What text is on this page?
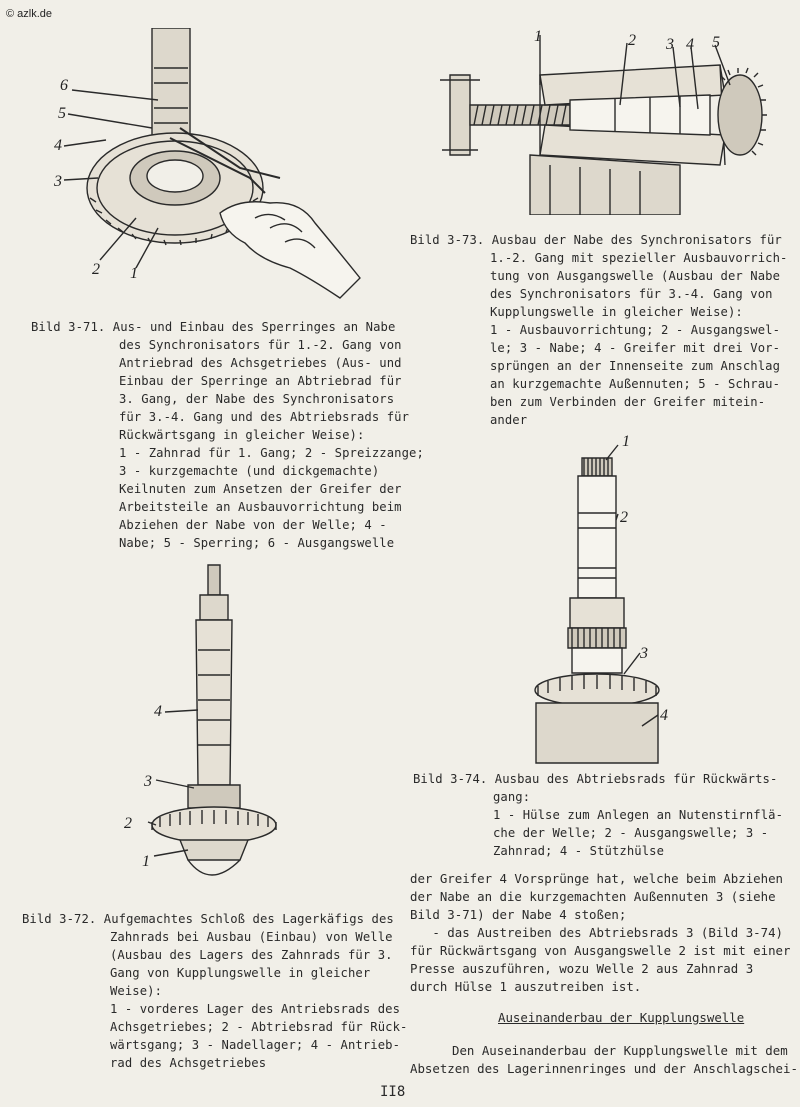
© azlk.de
6
5
4
3
2 1
Bild 3-71. Aus- und Einbau des Sperringes an Nabe
des Synchronisators für 1.-2. Gang von
Antriebrad des Achsgetriebes (Aus- und
Einbau der Sperringe an Abtriebrad für
3. Gang, der Nabe des Synchronisators
für 3.-4. Gang und des Abtriebsrads für
Rückwärtsgang in gleicher Weise):
1 - Zahnrad für 1. Gang; 2 - Spreizzange;
3 - kurzgemachte (und dickgemachte)
Keilnuten zum Ansetzen der Greifer der
Arbeitsteile an Ausbauvorrichtung beim
Abziehen der Nabe von der Welle; 4 -
Nabe; 5 - Sperring; 6 - Ausgangswelle
4
3
2
1
Bild 3-72. Aufgemachtes Schloß des Lagerkäfigs des
Zahnrads bei Ausbau (Einbau) von Welle
(Ausbau des Lagers des Zahnrads für 3.
Gang von Kupplungswelle in gleicher
Weise):
1 - vorderes Lager des Antriebsrads des
Achsgetriebes; 2 - Abtriebsrad für Rück-
wärtsgang; 3 - Nadellager; 4 - Antrieb-
rad des Achsgetriebes
1	2 3 4 5
Bild 3-73. Ausbau der Nabe des Synchronisators für
1.-2. Gang mit spezieller Ausbauvorrich-
tung von Ausgangswelle (Ausbau der Nabe
des Synchronisators für 3.-4. Gang von
Kupplungswelle in gleicher Weise):
1 - Ausbauvorrichtung; 2 - Ausgangswel-
le; 3 - Nabe; 4 - Greifer mit drei Vor-
sprüngen an der Innenseite zum Anschlag
an kurzgemachte Außennuten; 5 - Schrau-
ben zum Verbinden der Greifer mitein-
ander
1
2
3
4
Bild 3-74. Ausbau des Abtriebsrads für Rückwärts-
gang:
1 - Hülse zum Anlegen an Nutenstirnflä-
che der Welle; 2 - Ausgangswelle; 3 -
Zahnrad; 4 - Stützhülse
der Greifer 4 Vorsprünge hat, welche beim Abziehen
der Nabe an die kurzgemachten Außennuten 3 (siehe
Bild 3-71) der Nabe 4 stoßen;
- das Austreiben des Abtriebsrads 3 (Bild 3-74)
für Rückwärtsgang von Ausgangswelle 2 ist mit einer
Presse auszuführen, wozu Welle 2 aus Zahnrad 3
durch Hülse 1 auszutreiben ist.
Auseinanderbau der Kupplungswelle
Den Auseinanderbau der Kupplungswelle mit dem
Absetzen des Lagerinnenringes und der Anschlagschei-
II8
